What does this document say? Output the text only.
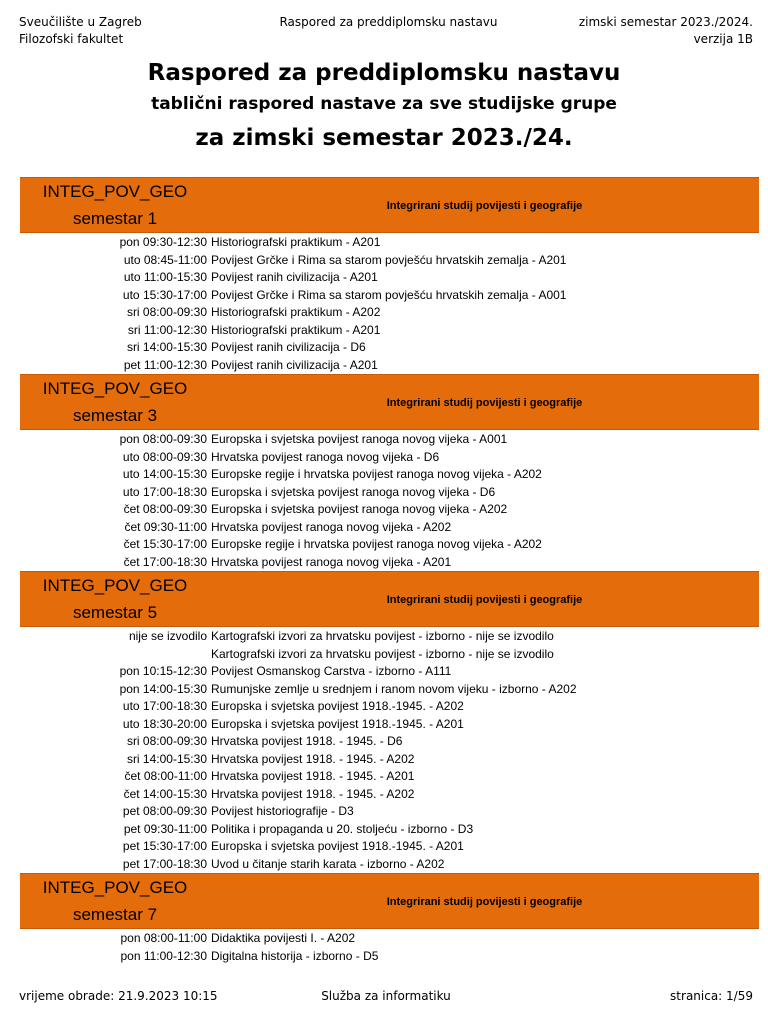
Sveučilište u Zagreb
Filozofski fakultet
Raspored za preddiplomsku nastavu	zimski semestar 2023./2024.
verzija 1B
Raspored za preddiplomsku nastavu
tablični raspored nastave za sve studijske grupe
za zimski semestar 2023./24.
INTEG_POV_GEO
semestar 1
Integrirani studij povijesti i geografije
pon 09:30-12:30 Historiografski praktikum - A201
uto 08:45-11:00 Povijest Grčke i Rima sa starom povješću hrvatskih zemalja - A201
uto 11:00-15:30 Povijest ranih civilizacija - A201
uto 15:30-17:00 Povijest Grčke i Rima sa starom povješću hrvatskih zemalja - A001
sri 08:00-09:30 Historiografski praktikum - A202
sri 11:00-12:30 Historiografski praktikum - A201
sri 14:00-15:30 Povijest ranih civilizacija - D6
pet 11:00-12:30 Povijest ranih civilizacija - A201
INTEG_POV_GEO
semestar 3
Integrirani studij povijesti i geografije
pon 08:00-09:30 Europska i svjetska povijest ranoga novog vijeka - A001
uto 08:00-09:30 Hrvatska povijest ranoga novog vijeka - D6
uto 14:00-15:30 Europske regije i hrvatska povijest ranoga novog vijeka - A202
uto 17:00-18:30 Europska i svjetska povijest ranoga novog vijeka - D6
čet 08:00-09:30 Europska i svjetska povijest ranoga novog vijeka - A202
čet 09:30-11:00 Hrvatska povijest ranoga novog vijeka - A202
čet 15:30-17:00 Europske regije i hrvatska povijest ranoga novog vijeka - A202
čet 17:00-18:30 Hrvatska povijest ranoga novog vijeka - A201
INTEG_POV_GEO
semestar 5
Integrirani studij povijesti i geografije
nije se izvodilo Kartografski izvori za hrvatsku povijest - izborno - nije se izvodilo
Kartografski izvori za hrvatsku povijest - izborno - nije se izvodilo
pon 10:15-12:30 Povijest Osmanskog Carstva - izborno - A111
pon 14:00-15:30 Rumunjske zemlje u srednjem i ranom novom vijeku - izborno - A202
uto 17:00-18:30 Europska i svjetska povijest 1918.-1945. - A202
uto 18:30-20:00 Europska i svjetska povijest 1918.-1945. - A201
sri 08:00-09:30 Hrvatska povijest 1918. - 1945. - D6
sri 14:00-15:30 Hrvatska povijest 1918. - 1945. - A202
čet 08:00-11:00 Hrvatska povijest 1918. - 1945. - A201
čet 14:00-15:30 Hrvatska povijest 1918. - 1945. - A202
pet 08:00-09:30 Povijest historiografije - D3
pet 09:30-11:00 Politika i propaganda u 20. stoljeću - izborno - D3
pet 15:30-17:00 Europska i svjetska povijest 1918.-1945. - A201
pet 17:00-18:30 Uvod u čitanje starih karata - izborno - A202
INTEG_POV_GEO
semestar 7
Integrirani studij povijesti i geografije
pon 08:00-11:00 Didaktika povijesti I. - A202
pon 11:00-12:30 Digitalna historija - izborno - D5
vrijeme obrade: 21.9.2023 10:15	Služba za informatiku	stranica: 1/59
